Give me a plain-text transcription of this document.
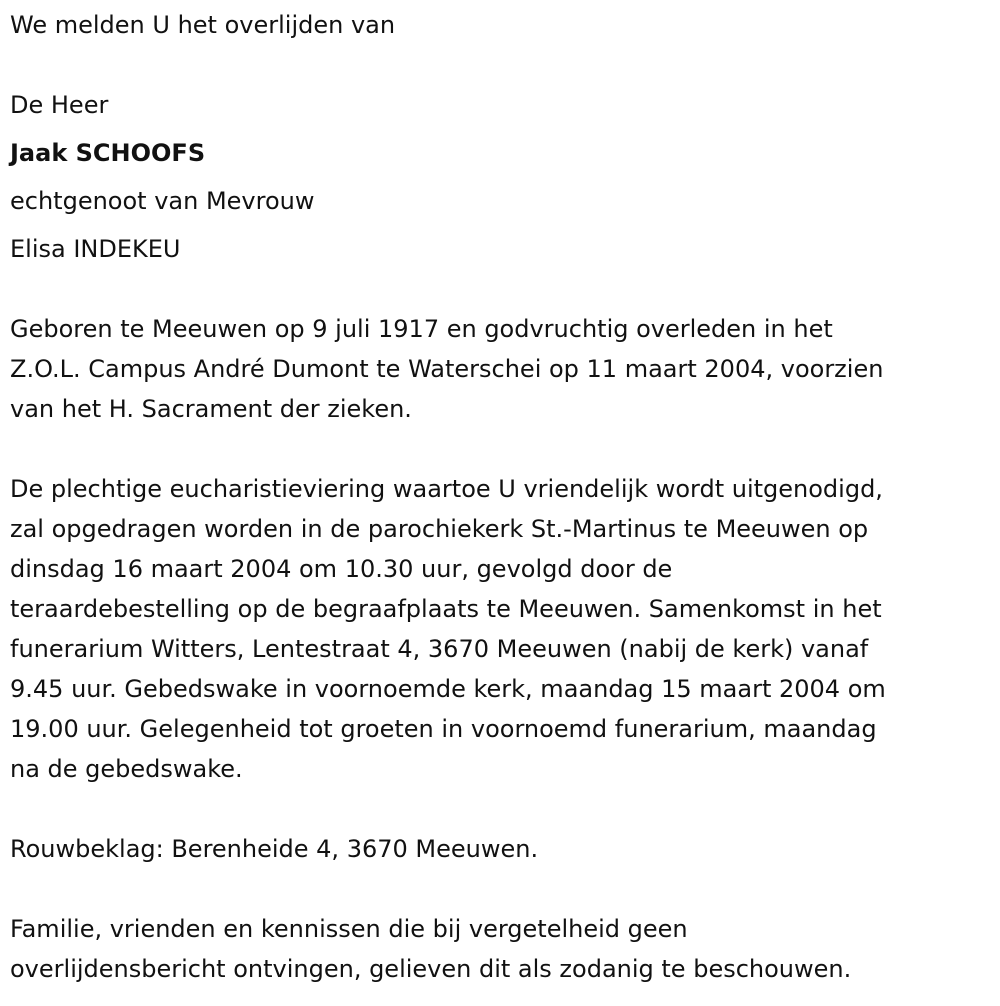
We melden U het overlijden van
De Heer
Jaak SCHOOFS
echtgenoot van Mevrouw
Elisa INDEKEU
Geboren te Meeuwen op 9 juli 1917 en godvruchtig overleden in het
Z.O.L. Campus André Dumont te Waterschei op 11 maart 2004, voorzien
van het H. Sacrament der zieken.
De plechtige eucharistieviering waartoe U vriendelijk wordt uitgenodigd,
zal opgedragen worden in de parochiekerk St.-Martinus te Meeuwen op
dinsdag 16 maart 2004 om 10.30 uur, gevolgd door de
teraardebestelling op de begraafplaats te Meeuwen. Samenkomst in het
funerarium Witters, Lentestraat 4, 3670 Meeuwen (nabij de kerk) vanaf
9.45 uur. Gebedswake in voornoemde kerk, maandag 15 maart 2004 om
19.00 uur. Gelegenheid tot groeten in voornoemd funerarium, maandag
na de gebedswake.
Rouwbeklag: Berenheide 4, 3670 Meeuwen.
Familie, vrienden en kennissen die bij vergetelheid geen
overlijdensbericht ontvingen, gelieven dit als zodanig te beschouwen.
